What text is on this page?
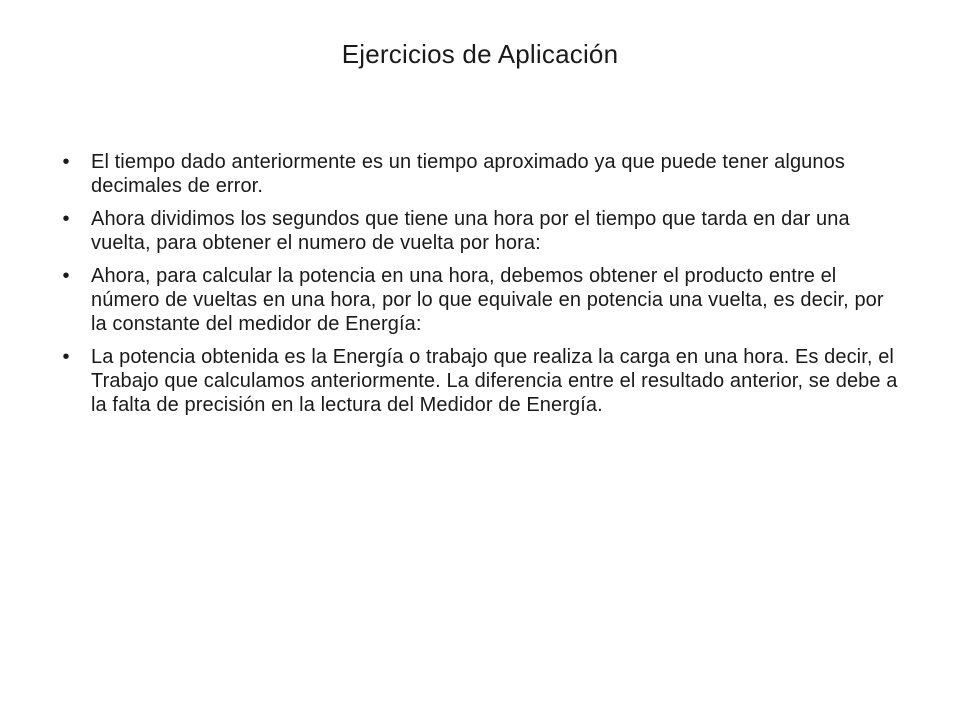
Ejercicios de Aplicación
• El tiempo dado anteriormente es un tiempo aproximado ya que puede tener algunos decimales de error.
• Ahora dividimos los segundos que tiene una hora por el tiempo que tarda en dar una vuelta, para obtener el numero de vuelta por hora:
• Ahora, para calcular la potencia en una hora, debemos obtener el producto entre el número de vueltas en una hora, por lo que equivale en potencia una vuelta, es decir, por la constante del medidor de Energía:
• La potencia obtenida es la Energía o trabajo que realiza la carga en una hora. Es decir, el Trabajo que calculamos anteriormente. La diferencia entre el resultado anterior, se debe a la falta de precisión en la lectura del Medidor de Energía.
